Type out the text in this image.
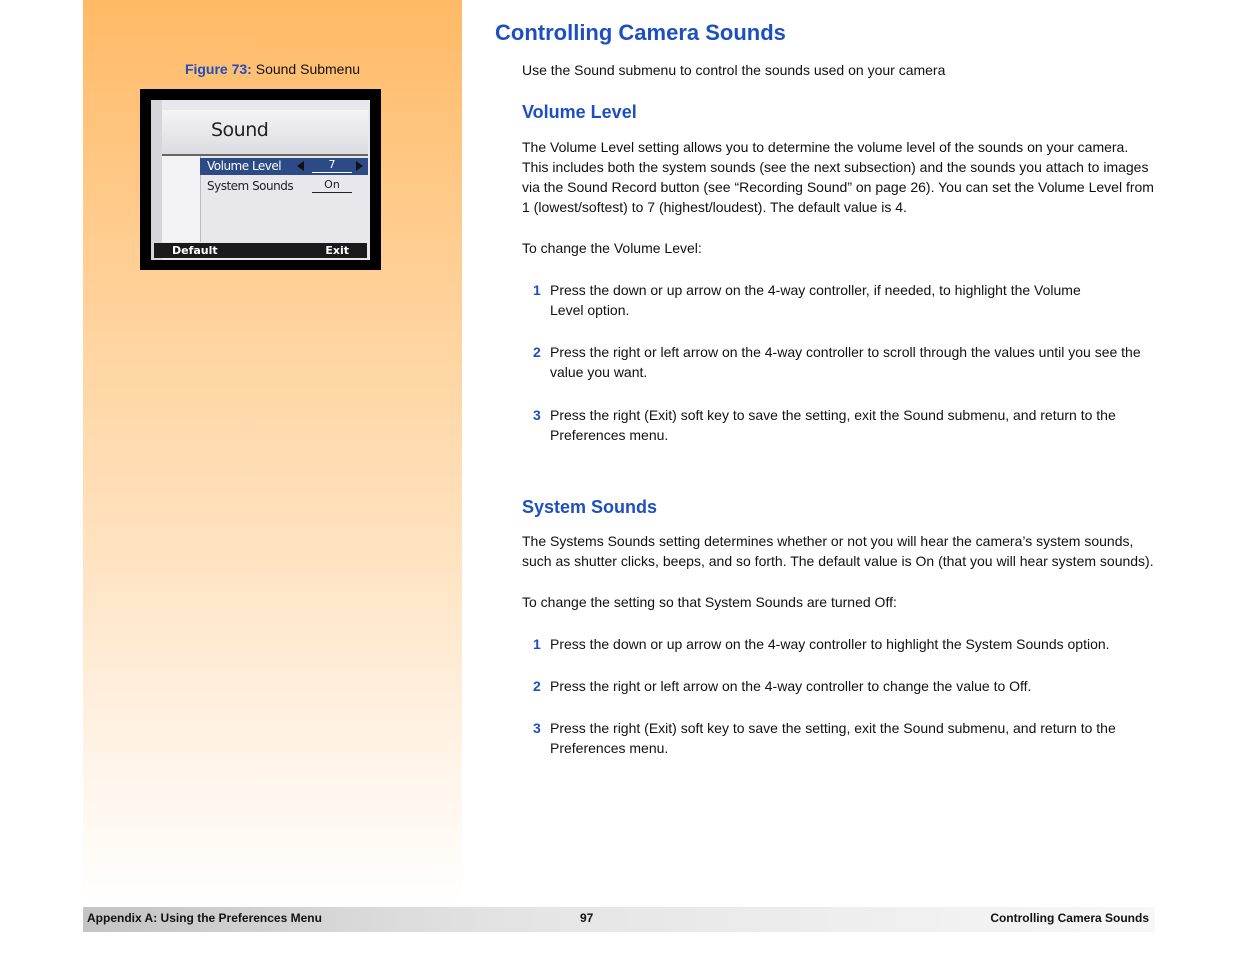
Figure 73: Sound Submenu
Sound
Volume Level	7
System Sounds	On
Default	Exit
Controlling Camera Sounds

Use the Sound submenu to control the sounds used on your camera

Volume Level

The Volume Level setting allows you to determine the volume level of the sounds on your camera. This includes both the system sounds (see the next subsection) and the sounds you attach to images via the Sound Record button (see “Recording Sound” on page 26). You can set the Volume Level from 1 (lowest/softest) to 7 (highest/loudest). The default value is 4.

To change the Volume Level:

1 Press the down or up arrow on the 4-way controller, if needed, to highlight the Volume Level option.
2 Press the right or left arrow on the 4-way controller to scroll through the values until you see the value you want.
3 Press the right (Exit) soft key to save the setting, exit the Sound submenu, and return to the Preferences menu.
System Sounds

The Systems Sounds setting determines whether or not you will hear the camera’s system sounds, such as shutter clicks, beeps, and so forth. The default value is On (that you will hear system sounds).

To change the setting so that System Sounds are turned Off:

1 Press the down or up arrow on the 4-way controller to highlight the System Sounds option.
2 Press the right or left arrow on the 4-way controller to change the value to Off.
3 Press the right (Exit) soft key to save the setting, exit the Sound submenu, and return to the Preferences menu.
Appendix A: Using the Preferences Menu	97	Controlling Camera Sounds
